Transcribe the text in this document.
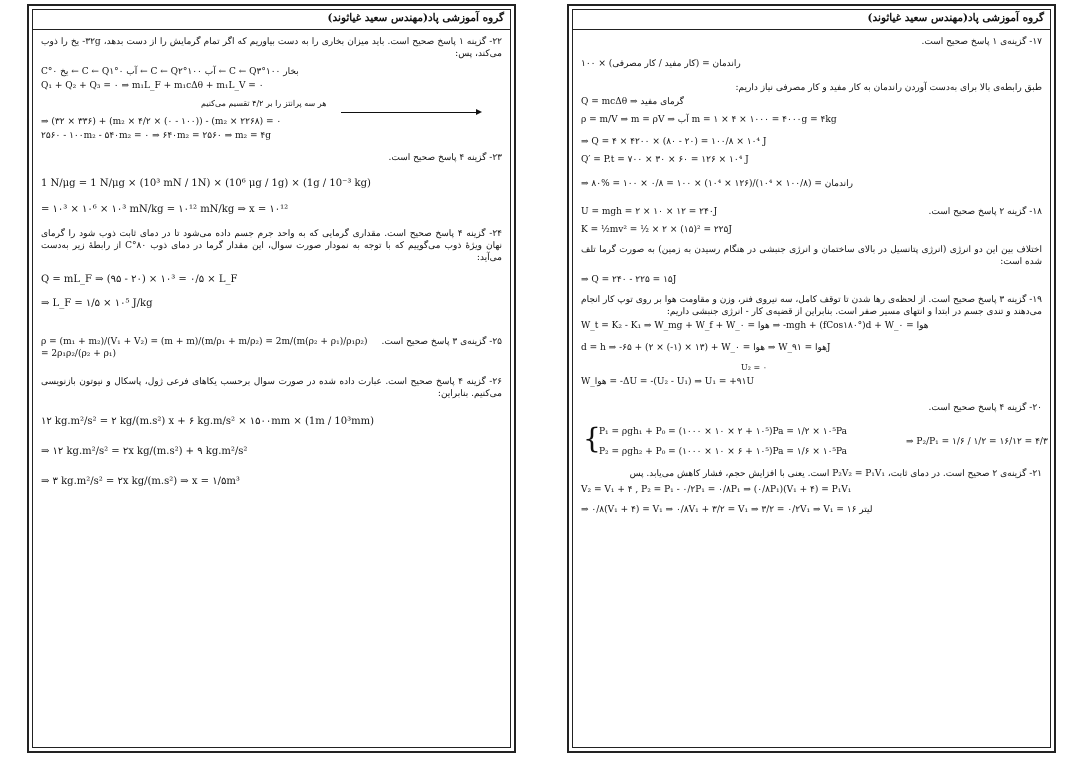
گروه آموزشی پاد(مهندس سعید غیاثوند)
۲۲- گزینه ۱ پاسخ صحیح است. باید میزان بخاری را به دست بیاوریم که اگر تمام گرمایش را از دست بدهد، ۳۲g- یخ را ذوب می‌کند، پس:
بخار ۱۰۰°C ← Q۳ ← آب ۱۰۰°C ← Q۲ ← آب ۰°C ← Q۱ ← یخ ۰°C
Q₁ + Q₂ + Q₃ = ۰ ⇒ m₁L_F + m₁cΔθ + m₁L_V = ۰
هر سه پرانتز را بر ۴/۲ تقسیم می‌کنیم
⇒ (۳۲ × ۳۳۶) + (m₂ × ۴/۲ × (۰ - ۱۰۰)) - (m₂ × ۲۲۶۸) = ۰
۲۵۶۰ - ۱۰۰m₂ - ۵۴۰m₂ = ۰ ⇒ ۶۴۰m₂ = ۲۵۶۰ ⇒ m₂ = ۴g
۲۳- گزینه ۴ پاسخ صحیح است.
1 N/μg = 1 N/μg × (10³ mN / 1N) × (10⁶ μg / 1g) × (1g / 10⁻³ kg)
= ۱۰³ × ۱۰⁶ × ۱۰³ mN/kg = ۱۰¹² mN/kg ⇒ x = ۱۰¹²
۲۴- گزینه ۴ پاسخ صحیح است. مقداری گرمایی که به واحد جرم جسم داده می‌شود تا در دمای ثابت ذوب شود را گرمای نهان ویژهٔ ذوب می‌گوییم که با توجه به نمودار صورت سوال، این مقدار گرما در دمای ذوب ۸۰°C از رابطهٔ زیر به‌دست می‌آید:
Q = mL_F ⇒ (۹۵ - ۲۰) × ۱۰³ = ۰/۵ × L_F
⇒ L_F = ۱/۵ × ۱۰⁵ J/kg
۲۵- گزینه‌ی ۳ پاسخ صحیح است.
ρ = (m₁ + m₂)/(V₁ + V₂) = (m + m)/(m/ρ₁ + m/ρ₂) = 2m/(m(ρ₂ + ρ₁)/ρ₁ρ₂) = 2ρ₁ρ₂/(ρ₂ + ρ₁)
۲۶- گزینه ۴ پاسخ صحیح است. عبارت داده شده در صورت سوال برحسب یکاهای فرعی ژول، پاسکال و نیوتون بازنویسی می‌کنیم. بنابراین:
۱۲ kg.m²/s² = ۲ kg/(m.s²) x + ۶ kg.m/s² × ۱۵۰۰mm × (1m / 10³mm)
⇒ ۱۲ kg.m²/s² = ۲x kg/(m.s²) + ۹ kg.m²/s²
⇒ ۳ kg.m²/s² = ۲x kg/(m.s²) ⇒ x = ۱/۵m³
گروه آموزشی پاد(مهندس سعید غیاثوند)
۱۷- گزینه‌ی ۱ پاسخ صحیح است.
راندمان = (کار مفید / کار مصرفی) × ۱۰۰
طبق رابطه‌ی بالا برای به‌دست آوردن راندمان به کار مفید و کار مصرفی نیاز داریم:
Q = mcΔθ ⇒ گرمای مفید
ρ = m/V ⇒ m = ρV ⇒ آب m = ۱ × ۴ × ۱۰۰۰ = ۴۰۰۰g = ۴kg
⇒ Q = ۴ × ۴۲۰۰ × (۸۰ - ۲۰) = ۱۰۰/۸ × ۱۰⁴ J
Q′ = P.t = ۷۰۰ × ۳۰ × ۶۰ = ۱۲۶ × ۱۰⁴ J
⇒ راندمان = (۱۰۰/۸ × ۱۰⁴)/(۱۲۶ × ۱۰⁴) × ۱۰۰ = ۰/۸ × ۱۰۰ = %۸۰
۱۸- گزینه ۲ پاسخ صحیح است.
U = mgh = ۲ × ۱۰ × ۱۲ = ۲۴۰J
K = ½mv² = ½ × ۲ × (۱۵)² = ۲۲۵J
اختلاف بین این دو انرژی (انرژی پتانسیل در بالای ساختمان و انرژی جنبشی در هنگام رسیدن به زمین) به صورت گرما تلف شده است:
⇒ Q = ۲۴۰ - ۲۲۵ = ۱۵J
۱۹- گزینه ۳ پاسخ صحیح است. از لحظه‌ی رها شدن تا توقف کامل، سه نیروی فنر، وزن و مقاومت هوا بر روی توپ کار انجام می‌دهند و تندی جسم در ابتدا و انتهای مسیر صفر است. بنابراین از قضیه‌ی کار - انرژی جنبشی داریم:
W_t = K₂ - K₁ ⇒ W_mg + W_f + W_هوا = ۰ ⇒ -mgh + (fCos۱۸۰°)d + W_هوا = ۰
d = h ⇒ -۶۵ + (۲ × (-۱) × ۱۳) + W_هوا = ۰ ⇒ W_هوا = ۹۱J
U₂ = ۰
W_هوا = -ΔU = -(U₂ - U₁) ⇒ U₁ = +۹۱U
۲۰- گزینه ۴ پاسخ صحیح است.
{
P₁ = ρgh₁ + P₀ = (۱۰۰۰ × ۱۰ × ۲ + ۱۰⁵)Pa = ۱/۲ × ۱۰⁵Pa
P₂ = ρgh₂ + P₀ = (۱۰۰۰ × ۱۰ × ۶ + ۱۰⁵)Pa = ۱/۶ × ۱۰⁵Pa
⇒ P₂/P₁ = ۱/۶ / ۱/۲ = ۱۶/۱۲ = ۴/۳
۲۱- گزینه‌ی ۲ صحیح است. در دمای ثابت، P₂V₂ = P₁V₁ است. یعنی با افزایش حجم، فشار کاهش می‌یابد. پس
V₂ = V₁ + ۴ , P₂ = P₁ - ۰/۲P₁ = ۰/۸P₁ ⇒ (۰/۸P₁)(V₁ + ۴) = P₁V₁
⇒ ۰/۸(V₁ + ۴) = V₁ ⇒ ۰/۸V₁ + ۳/۲ = V₁ ⇒ ۳/۲ = ۰/۲V₁ ⇒ V₁ = ۱۶ لیتر
